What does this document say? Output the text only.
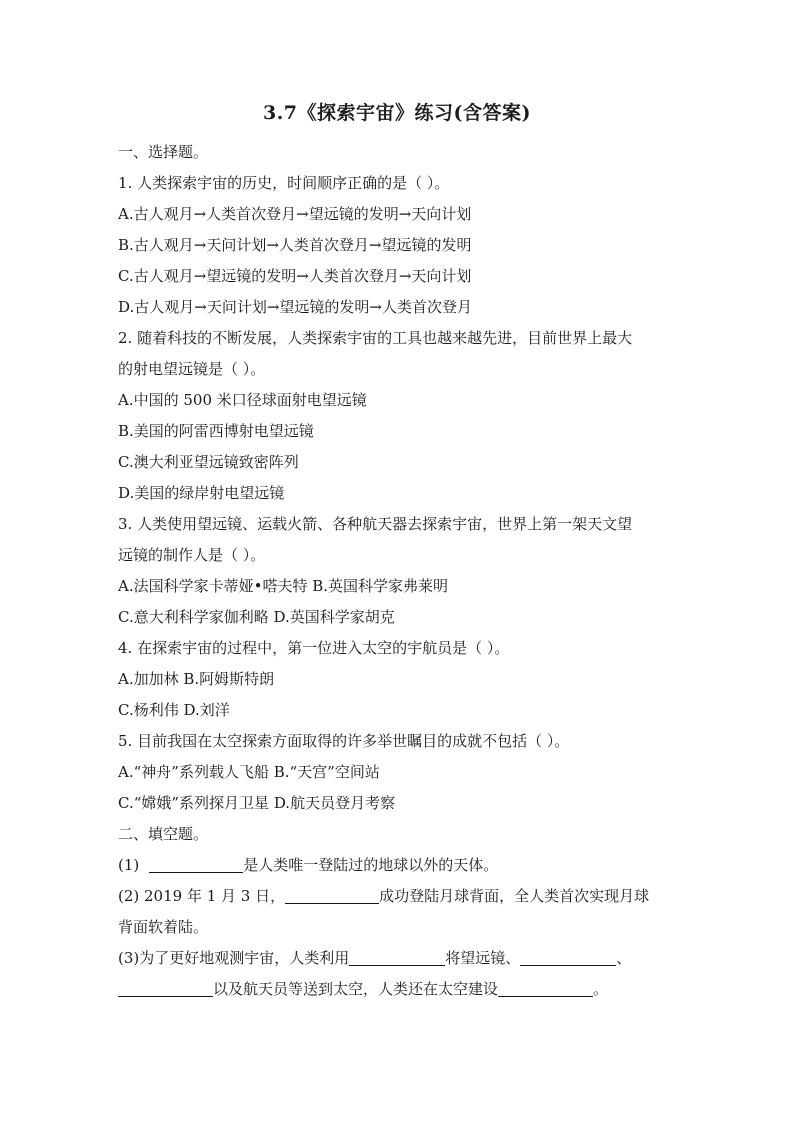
3.7《探索宇宙》练习(含答案)
一、选择题。
1. 人类探索宇宙的历史，时间顺序正确的是（ ）。
A.古人观月→人类首次登月→望远镜的发明→天向计划
B.古人观月→天问计划→人类首次登月→望远镜的发明
C.古人观月→望远镜的发明→人类首次登月→天向计划
D.古人观月→天问计划→望远镜的发明→人类首次登月
2. 随着科技的不断发展，人类探索宇宙的工具也越来越先进，目前世界上最大
的射电望远镜是（ ）。
A.中国的 500 米口径球面射电望远镜
B.美国的阿雷西博射电望远镜
C.澳大利亚望远镜致密阵列
D.美国的绿岸射电望远镜
3. 人类使用望远镜、运载火箭、各种航天器去探索宇宙，世界上第一架天文望
远镜的制作人是（ ）。
A.法国科学家卡蒂娅•嗒夫特 B.英国科学家弗莱明
C.意大利科学家伽利略 D.英国科学家胡克
4. 在探索宇宙的过程中，第一位进入太空的宇航员是（ ）。
A.加加林 B.阿姆斯特朗
C.杨利伟 D.刘洋
5. 目前我国在太空探索方面取得的许多举世瞩目的成就不包括（ ）。
A.“神舟”系列载人飞船 B.“天宫”空间站
C.“嫦娥”系列探月卫星 D.航天员登月考察
二、填空题。
(1)	是人类唯一登陆过的地球以外的天体。
(2) 2019 年 1 月 3 日，	成功登陆月球背面，全人类首次实现月球
背面软着陆。
(3)为了更好地观测宇宙，人类利用	将望远镜、	、
以及航天员等送到太空，人类还在太空建设	。
